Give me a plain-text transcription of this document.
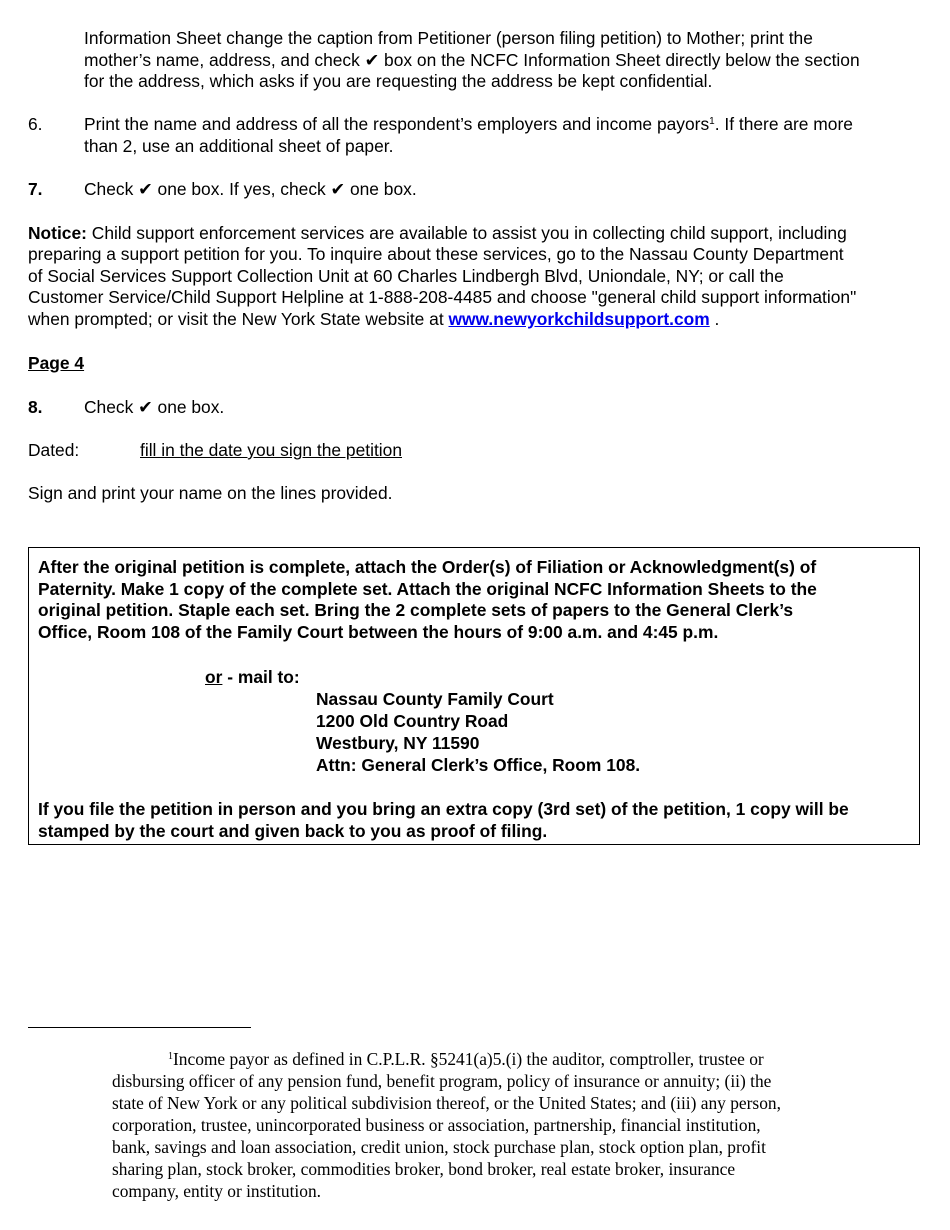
Information Sheet change the caption from Petitioner (person filing petition) to Mother; print the
mother’s name, address, and check ✔ box on the NCFC Information Sheet directly below the section
for the address, which asks if you are requesting the address be kept confidential.
6. Print the name and address of all the respondent’s employers and income payors$^1$. If there are more
than 2, use an additional sheet of paper.
7. Check ✔ one box. If yes, check ✔ one box.
Notice: Child support enforcement services are available to assist you in collecting child support, including
preparing a support petition for you. To inquire about these services, go to the Nassau County Department
of Social Services Support Collection Unit at 60 Charles Lindbergh Blvd, Uniondale, NY; or call the
Customer Service/Child Support Helpline at 1-888-208-4485 and choose "general child support information"
when prompted; or visit the New York State website at www.newyorkchildsupport.com .
Page 4
8. Check ✔ one box.
Dated:	fill in the date you sign the petition
Sign and print your name on the lines provided.
After the original petition is complete, attach the Order(s) of Filiation or Acknowledgment(s) of
Paternity. Make 1 copy of the complete set. Attach the original NCFC Information Sheets to the
original petition. Staple each set. Bring the 2 complete sets of papers to the General Clerk’s
Office, Room 108 of the Family Court between the hours of 9:00 a.m. and 4:45 p.m.
or - mail to:
Nassau County Family Court
1200 Old Country Road
Westbury, NY 11590
Attn: General Clerk’s Office, Room 108.
If you file the petition in person and you bring an extra copy (3rd set) of the petition, 1 copy will be
stamped by the court and given back to you as proof of filing.
$^1$Income payor as defined in C.P.L.R. §5241(a)5.(i) the auditor, comptroller, trustee or
disbursing officer of any pension fund, benefit program, policy of insurance or annuity; (ii) the
state of New York or any political subdivision thereof, or the United States; and (iii) any person,
corporation, trustee, unincorporated business or association, partnership, financial institution,
bank, savings and loan association, credit union, stock purchase plan, stock option plan, profit
sharing plan, stock broker, commodities broker, bond broker, real estate broker, insurance
company, entity or institution.
